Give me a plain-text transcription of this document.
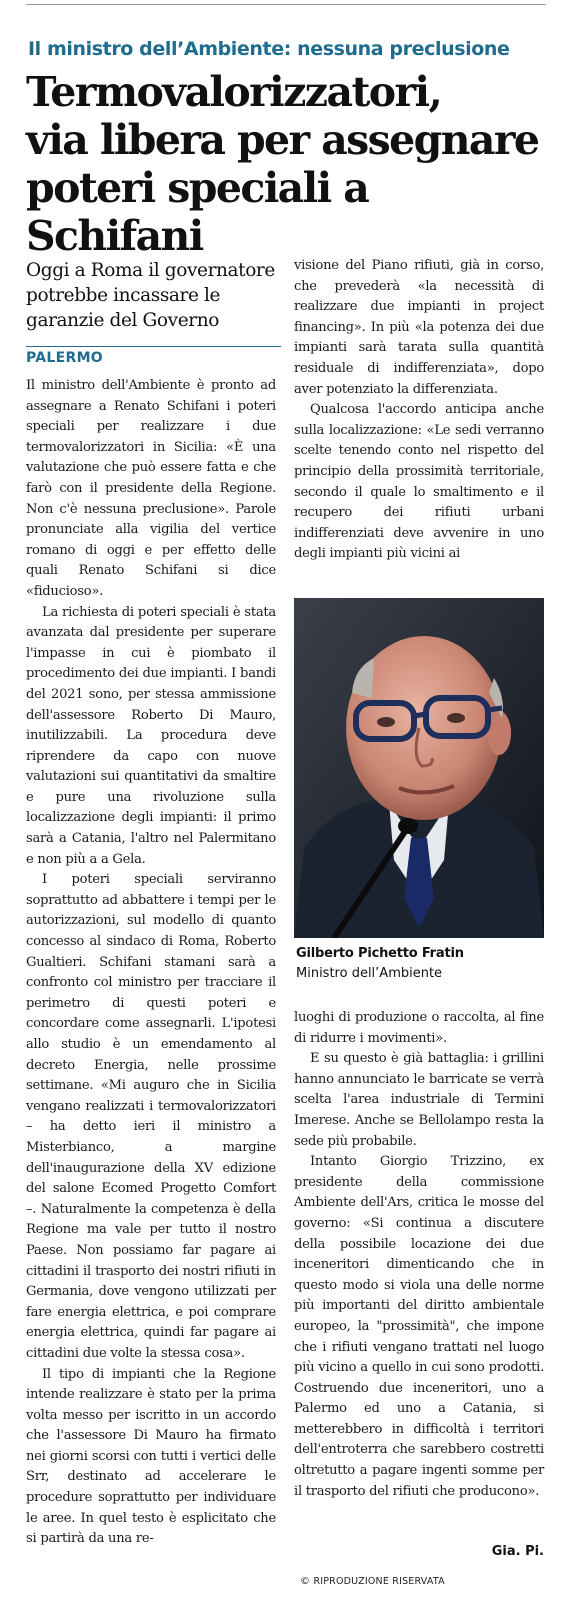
Il ministro dell’Ambiente: nessuna preclusione
Termovalorizzatori,
via libera per assegnare
poteri speciali a Schifani
Oggi a Roma il governatore potrebbe incassare le garanzie del Governo
PALERMO

Il ministro dell'Ambiente è pronto ad assegnare a Renato Schifani i poteri speciali per realizzare i due termovalorizzatori in Sicilia: «È una valutazione che può essere fatta e che farò con il presidente della Regione. Non c'è nessuna preclusione». Parole pronunciate alla vigilia del vertice romano di oggi e per effetto delle quali Renato Schifani si dice «fiducioso».

La richiesta di poteri speciali è stata avanzata dal presidente per superare l'impasse in cui è piombato il procedimento dei due impianti. I bandi del 2021 sono, per stessa ammissione dell'assessore Roberto Di Mauro, inutilizzabili. La procedura deve riprendere da capo con nuove valutazioni sui quantitativi da smaltire e pure una rivoluzione sulla localizzazione degli impianti: il primo sarà a Catania, l'altro nel Palermitano e non più a a Gela.

I poteri speciali serviranno soprattutto ad abbattere i tempi per le autorizzazioni, sul modello di quanto concesso al sindaco di Roma, Roberto Gualtieri. Schifani stamani sarà a confronto col ministro per tracciare il perimetro di questi poteri e concordare come assegnarli. L'ipotesi allo studio è un emendamento al decreto Energia, nelle prossime settimane. «Mi auguro che in Sicilia vengano realizzati i termovalorizzatori – ha detto ieri il ministro a Misterbianco, a margine dell'inaugurazione della XV edizione del salone Ecomed Progetto Comfort –. Naturalmente la competenza è della Regione ma vale per tutto il nostro Paese. Non possiamo far pagare ai cittadini il trasporto dei nostri rifiuti in Germania, dove vengono utilizzati per fare energia elettrica, e poi comprare energia elettrica, quindi far pagare ai cittadini due volte la stessa cosa».

Il tipo di impianti che la Regione intende realizzare è stato per la prima volta messo per iscritto in un accordo che l'assessore Di Mauro ha firmato nei giorni scorsi con tutti i vertici delle Srr, destinato ad accelerare le procedure soprattutto per individuare le aree. In quel testo è esplicitato che si partirà da una re-

visione del Piano rifiuti, già in corso, che prevederà «la necessità di realizzare due impianti in project financing». In più «la potenza dei due impianti sarà tarata sulla quantità residuale di indifferenziata», dopo aver potenziato la differenziata.

Qualcosa l'accordo anticipa anche sulla localizzazione: «Le sedi verranno scelte tenendo conto nel rispetto del principio della prossimità territoriale, secondo il quale lo smaltimento e il recupero dei rifiuti urbani indifferenziati deve avvenire in uno degli impianti più vicini ai

Gilberto Pichetto Fratin
Ministro dell’Ambiente

luoghi di produzione o raccolta, al fine di ridurre i movimenti».

E su questo è già battaglia: i grillini hanno annunciato le barricate se verrà scelta l'area industriale di Termini Imerese. Anche se Bellolampo resta la sede più probabile.

Intanto Giorgio Trizzino, ex presidente della commissione Ambiente dell'Ars, critica le mosse del governo: «Si continua a discutere della possibile locazione dei due inceneritori dimenticando che in questo modo si viola una delle norme più importanti del diritto ambientale europeo, la "prossimità", che impone che i rifiuti vengano trattati nel luogo più vicino a quello in cui sono prodotti. Costruendo due inceneritori, uno a Palermo ed uno a Catania, si metterebbero in difficoltà i territori dell'entroterra che sarebbero costretti oltretutto a pagare ingenti somme per il trasporto del rifiuti che producono».

Gia. Pi.
© RIPRODUZIONE RISERVATA
